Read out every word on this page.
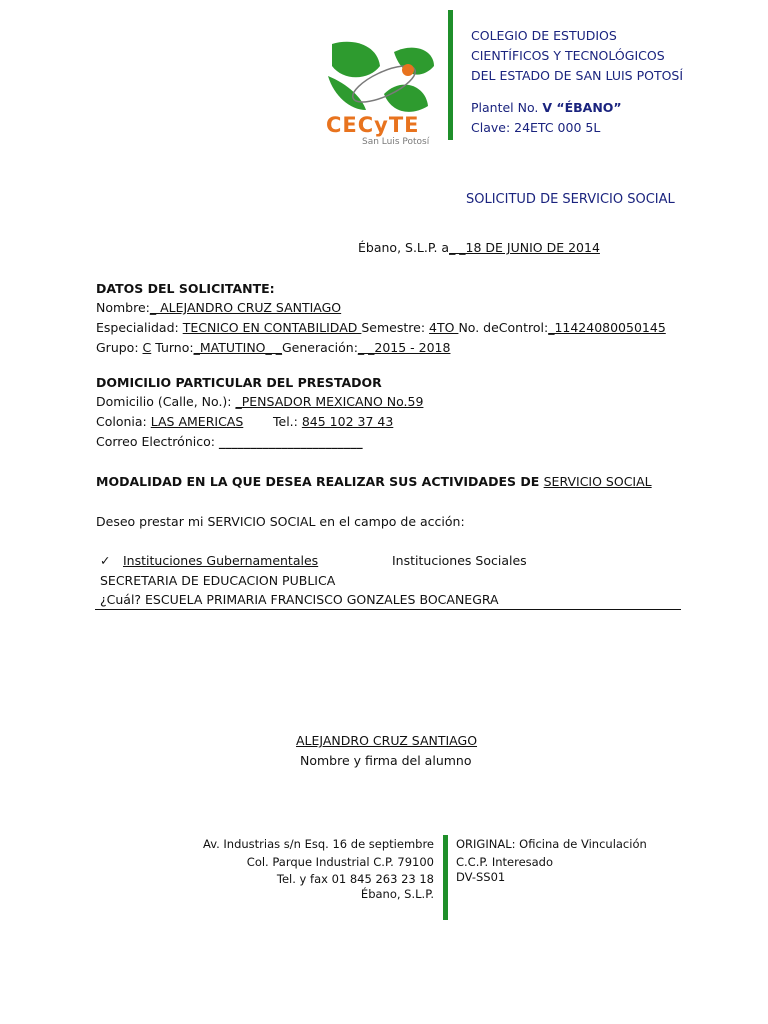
CECyTE
San Luis Potosí
COLEGIO DE ESTUDIOS
CIENTÍFICOS Y TECNOLÓGICOS
DEL ESTADO DE SAN LUIS POTOSÍ
Plantel No. V “ÉBANO”
Clave: 24ETC 000 5L
SOLICITUD DE SERVICIO SOCIAL
Ébano, S.L.P. a_ _18 DE JUNIO DE 2014
DATOS DEL SOLICITANTE:
Nombre:_ ALEJANDRO CRUZ SANTIAGO
Especialidad: TECNICO EN CONTABILIDAD Semestre: 4TO No. deControl:_11424080050145
Grupo: C Turno:_MATUTINO_ _Generación:_ _2015 - 2018
DOMICILIO PARTICULAR DEL PRESTADOR
Domicilio (Calle, No.): _PENSADOR MEXICANO No.59
Colonia: LAS AMERICAS Tel.: 845 102 37 43
Correo Electrónico: _______________________
MODALIDAD EN LA QUE DESEA REALIZAR SUS ACTIVIDADES DE SERVICIO SOCIAL
Deseo prestar mi SERVICIO SOCIAL en el campo de acción:
✓ Instituciones Gubernamentales	Instituciones Sociales
SECRETARIA DE EDUCACION PUBLICA
¿Cuál? ESCUELA PRIMARIA FRANCISCO GONZALES BOCANEGRA
ALEJANDRO CRUZ SANTIAGO
Nombre y firma del alumno
Av. Industrias s/n Esq. 16 de septiembre
Col. Parque Industrial C.P. 79100
Tel. y fax 01 845 263 23 18
Ébano, S.L.P.
ORIGINAL: Oficina de Vinculación
C.C.P. Interesado
DV-SS01
